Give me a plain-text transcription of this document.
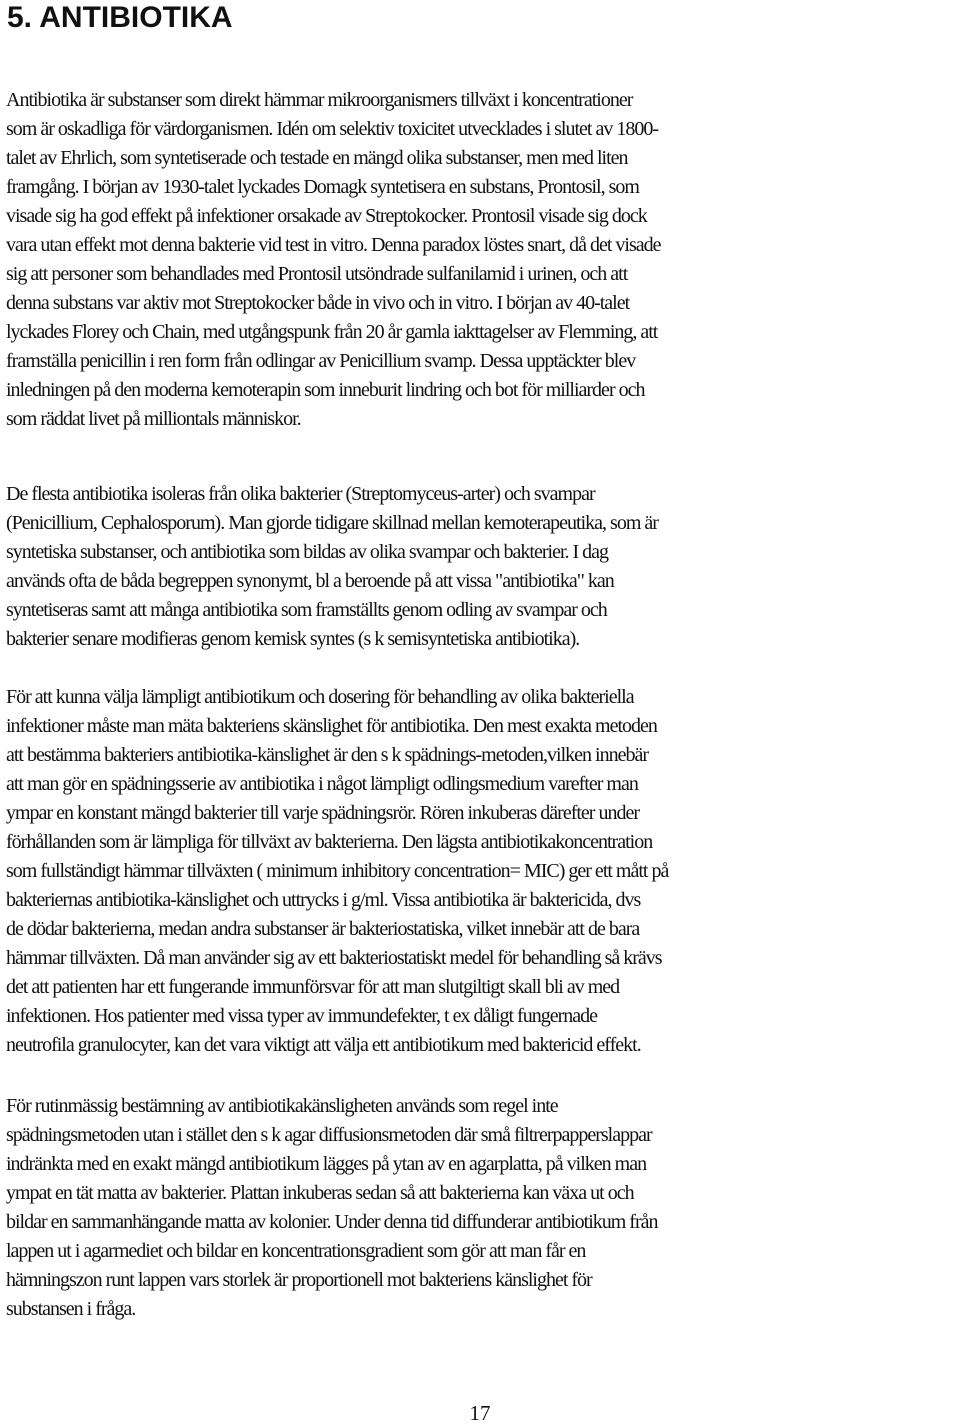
5. ANTIBIOTIKA

Antibiotika är substanser som direkt hämmar mikroorganismers tillväxt i koncentrationer
som är oskadliga för värdorganismen. Idén om selektiv toxicitet utvecklades i slutet av 1800-
talet av Ehrlich, som syntetiserade och testade en mängd olika substanser, men med liten
framgång. I början av 1930-talet lyckades Domagk syntetisera en substans, Prontosil, som
visade sig ha god effekt på infektioner orsakade av Streptokocker. Prontosil visade sig dock
vara utan effekt mot denna bakterie vid test in vitro. Denna paradox löstes snart, då det visade
sig att personer som behandlades med Prontosil utsöndrade sulfanilamid i urinen, och att
denna substans var aktiv mot Streptokocker både in vivo och in vitro. I början av 40-talet
lyckades Florey och Chain, med utgångspunk från 20 år gamla iakttagelser av Flemming, att
framställa penicillin i ren form från odlingar av Penicillium svamp. Dessa upptäckter blev
inledningen på den moderna kemoterapin som inneburit lindring och bot för milliarder och
som räddat livet på milliontals människor.

De flesta antibiotika isoleras från olika bakterier (Streptomyceus-arter) och svampar
(Penicillium, Cephalosporum). Man gjorde tidigare skillnad mellan kemoterapeutika, som är
syntetiska substanser, och antibiotika som bildas av olika svampar och bakterier. I dag
används ofta de båda begreppen synonymt, bl a beroende på att vissa "antibiotika" kan
syntetiseras samt att många antibiotika som framställts genom odling av svampar och
bakterier senare modifieras genom kemisk syntes (s k semisyntetiska antibiotika).

För att kunna välja lämpligt antibiotikum och dosering för behandling av olika bakteriella
infektioner måste man mäta bakteriens skänslighet för antibiotika. Den mest exakta metoden
att bestämma bakteriers antibiotika-känslighet är den s k spädnings-metoden,vilken innebär
att man gör en spädningsserie av antibiotika i något lämpligt odlingsmedium varefter man
ympar en konstant mängd bakterier till varje spädningsrör. Rören inkuberas därefter under
förhållanden som är lämpliga för tillväxt av bakterierna. Den lägsta antibiotikakoncentration
som fullständigt hämmar tillväxten ( minimum inhibitory concentration= MIC) ger ett mått på
bakteriernas antibiotika-känslighet och uttrycks i g/ml. Vissa antibiotika är baktericida, dvs
de dödar bakterierna, medan andra substanser är bakteriostatiska, vilket innebär att de bara
hämmar tillväxten. Då man använder sig av ett bakteriostatiskt medel för behandling så krävs
det att patienten har ett fungerande immunförsvar för att man slutgiltigt skall bli av med
infektionen. Hos patienter med vissa typer av immundefekter, t ex dåligt fungernade
neutrofila granulocyter, kan det vara viktigt att välja ett antibiotikum med baktericid effekt.

För rutinmässig bestämning av antibiotikakänsligheten används som regel inte
spädningsmetoden utan i stället den s k agar diffusionsmetoden där små filtrerpapperslappar
indränkta med en exakt mängd antibiotikum lägges på ytan av en agarplatta, på vilken man
ympat en tät matta av bakterier. Plattan inkuberas sedan så att bakterierna kan växa ut och
bildar en sammanhängande matta av kolonier. Under denna tid diffunderar antibiotikum från
lappen ut i agarmediet och bildar en koncentrationsgradient som gör att man får en
hämningszon runt lappen vars storlek är proportionell mot bakteriens känslighet för
substansen i fråga.

17
